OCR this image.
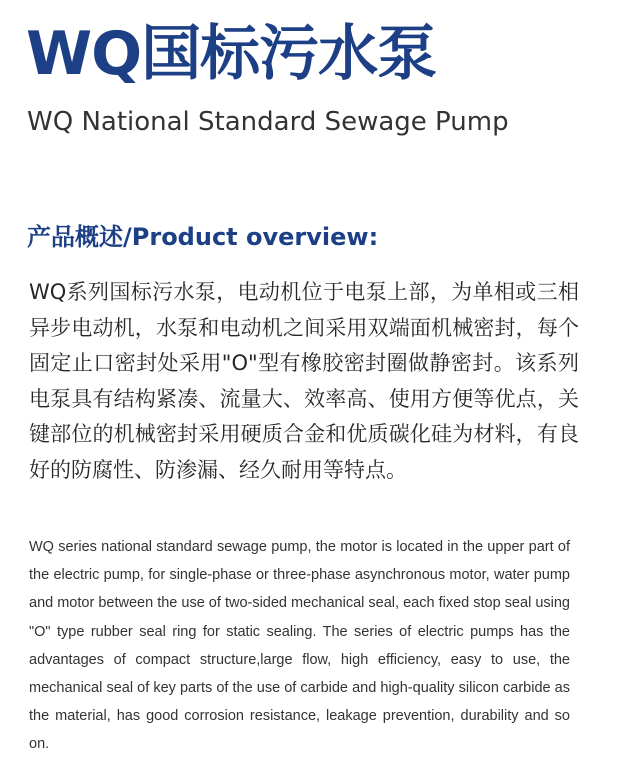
WQ国标污水泵
WQ National Standard Sewage Pump
产品概述/Product overview:

WQ系列国标污水泵，电动机位于电泵上部，为单相或三相异步电动机，水泵和电动机之间采用双端面机械密封，每个固定止口密封处采用"O"型有橡胶密封圈做静密封。该系列电泵具有结构紧凑、流量大、效率高、使用方便等优点，关键部位的机械密封采用硬质合金和优质碳化硅为材料，有良好的防腐性、防渗漏、经久耐用等特点。

WQ series national standard sewage pump, the motor is located in the upper part of the electric pump, for single-phase or three-phase asynchronous motor, water pump and motor between the use of two-sided mechanical seal, each fixed stop seal using "O" type rubber seal ring for static sealing. The series of electric pumps has the advantages of compact structure,large flow, high efficiency, easy to use, the mechanical seal of key parts of the use of carbide and high-quality silicon carbide as the material, has good corrosion resistance, leakage prevention, durability and so on.
